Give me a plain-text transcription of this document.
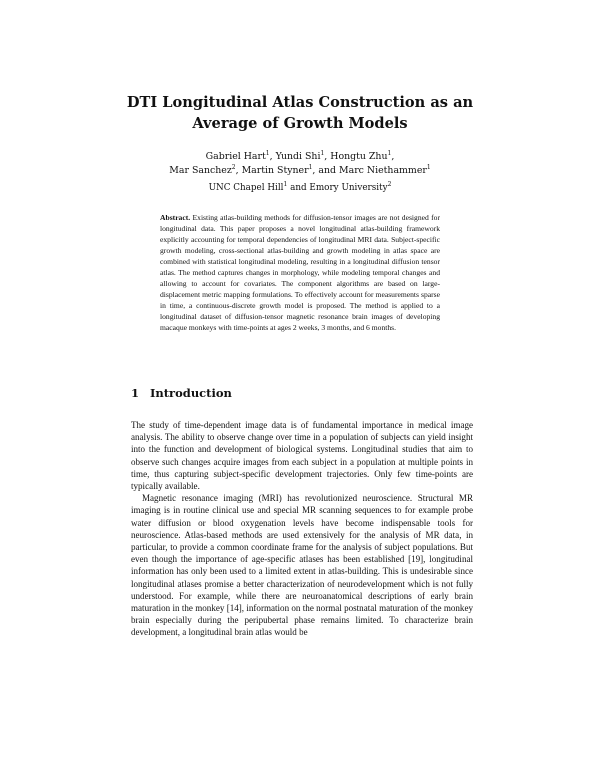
DTI Longitudinal Atlas Construction as an
Average of Growth Models
Gabriel Hart$^1$, Yundi Shi$^1$, Hongtu Zhu$^1$,
Mar Sanchez$^2$, Martin Styner$^1$, and Marc Niethammer$^1$
UNC Chapel Hill$^1$ and Emory University$^2$
Abstract. Existing atlas-building methods for diffusion-tensor images are not designed for longitudinal data. This paper proposes a novel longitudinal atlas-building framework explicitly accounting for temporal dependencies of longitudinal MRI data. Subject-specific growth modeling, cross-sectional atlas-building and growth modeling in atlas space are combined with statistical longitudinal modeling, resulting in a longitudinal diffusion tensor atlas. The method captures changes in morphology, while modeling temporal changes and allowing to account for covariates. The component algorithms are based on large-displacement metric mapping formulations. To effectively account for measurements sparse in time, a continuous-discrete growth model is proposed. The method is applied to a longitudinal dataset of diffusion-tensor magnetic resonance brain images of developing macaque monkeys with time-points at ages 2 weeks, 3 months, and 6 months.
1 Introduction

The study of time-dependent image data is of fundamental importance in medical image analysis. The ability to observe change over time in a population of subjects can yield insight into the function and development of biological systems. Longitudinal studies that aim to observe such changes acquire images from each subject in a population at multiple points in time, thus capturing subject-specific development trajectories. Only few time-points are typically available.

Magnetic resonance imaging (MRI) has revolutionized neuroscience. Structural MR imaging is in routine clinical use and special MR scanning sequences to for example probe water diffusion or blood oxygenation levels have become indispensable tools for neuroscience. Atlas-based methods are used extensively for the analysis of MR data, in particular, to provide a common coordinate frame for the analysis of subject populations. But even though the importance of age-specific atlases has been established [19], longitudinal information has only been used to a limited extent in atlas-building. This is undesirable since longitudinal atlases promise a better characterization of neurodevelopment which is not fully understood. For example, while there are neuroanatomical descriptions of early brain maturation in the monkey [14], information on the normal postnatal maturation of the monkey brain especially during the peripubertal phase remains limited. To characterize brain development, a longitudinal brain atlas would be
